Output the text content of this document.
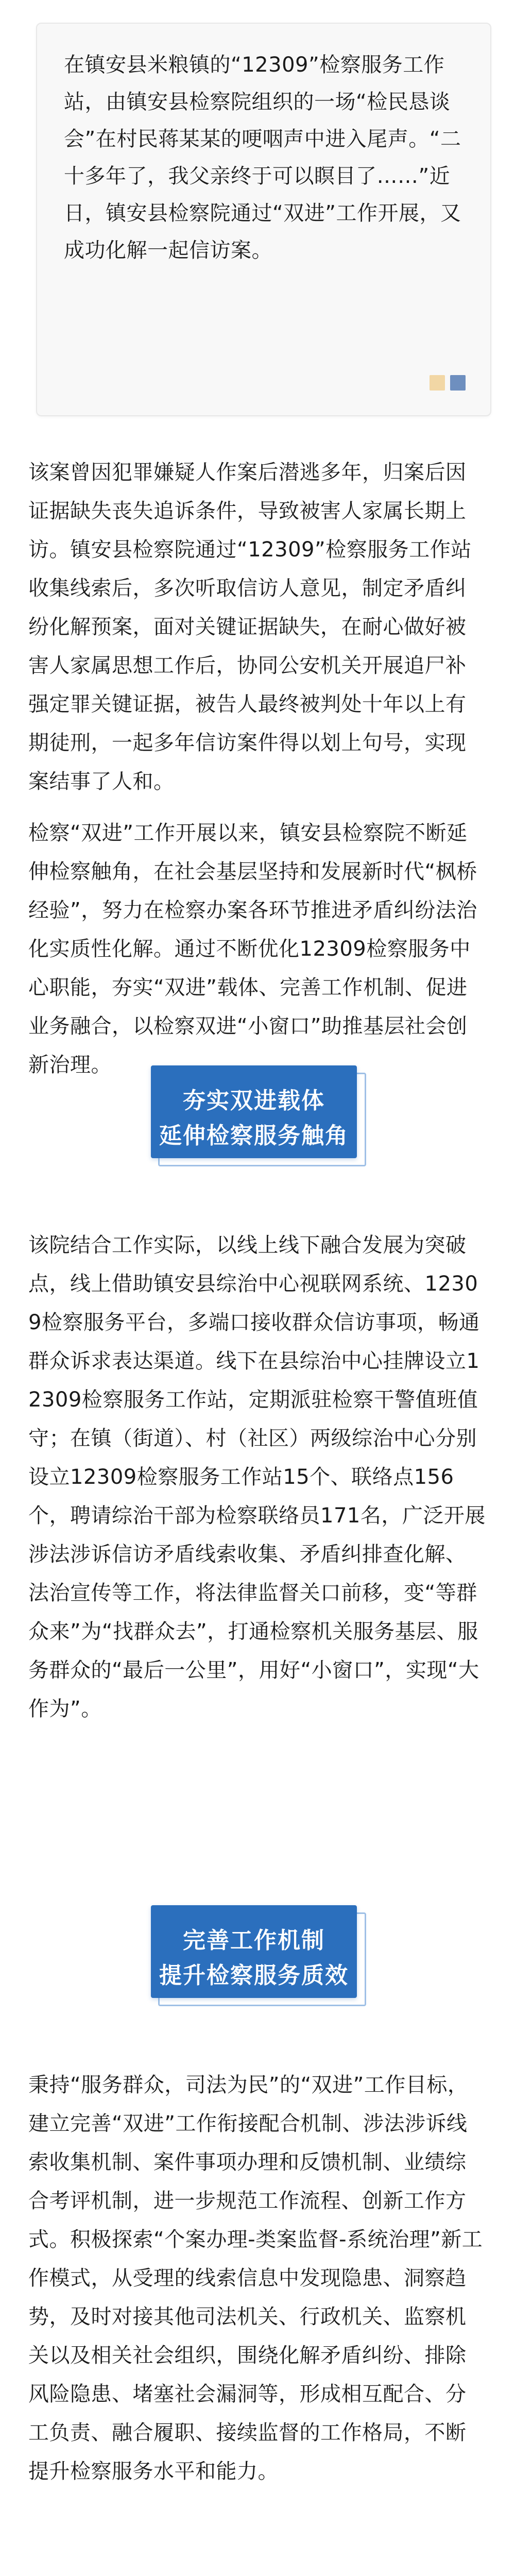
在镇安县米粮镇的“12309”检察服务工作站，由镇安县检察院组织的一场“检民恳谈会”在村民蒋某某的哽咽声中进入尾声。“二十多年了，我父亲终于可以瞑目了……”近日，镇安县检察院通过“双进”工作开展，又成功化解一起信访案。
该案曾因犯罪嫌疑人作案后潜逃多年，归案后因证据缺失丧失追诉条件，导致被害人家属长期上访。镇安县检察院通过“12309”检察服务工作站收集线索后，多次听取信访人意见，制定矛盾纠纷化解预案，面对关键证据缺失，在耐心做好被害人家属思想工作后，协同公安机关开展追尸补强定罪关键证据，被告人最终被判处十年以上有期徒刑，一起多年信访案件得以划上句号，实现案结事了人和。
检察“双进”工作开展以来，镇安县检察院不断延伸检察触角，在社会基层坚持和发展新时代“枫桥经验”，努力在检察办案各环节推进矛盾纠纷法治化实质性化解。通过不断优化12309检察服务中心职能，夯实“双进”载体、完善工作机制、促进业务融合，以检察双进“小窗口”助推基层社会创新治理。
夯实双进载体
延伸检察服务触角
该院结合工作实际，以线上线下融合发展为突破点，线上借助镇安县综治中心视联网系统、12309检察服务平台，多端口接收群众信访事项，畅通群众诉求表达渠道。线下在县综治中心挂牌设立12309检察服务工作站，定期派驻检察干警值班值守；在镇（街道）、村（社区）两级综治中心分别设立12309检察服务工作站15个、联络点156个，聘请综治干部为检察联络员171名，广泛开展涉法涉诉信访矛盾线索收集、矛盾纠排查化解、法治宣传等工作，将法律监督关口前移，变“等群众来”为“找群众去”，打通检察机关服务基层、服务群众的“最后一公里”，用好“小窗口”，实现“大作为”。
完善工作机制
提升检察服务质效
秉持“服务群众，司法为民”的“双进”工作目标，建立完善“双进”工作衔接配合机制、涉法涉诉线索收集机制、案件事项办理和反馈机制、业绩综合考评机制，进一步规范工作流程、创新工作方式。积极探索“个案办理-类案监督-系统治理”新工作模式，从受理的线索信息中发现隐患、洞察趋势，及时对接其他司法机关、行政机关、监察机关以及相关社会组织，围绕化解矛盾纠纷、排除风险隐患、堵塞社会漏洞等，形成相互配合、分工负责、融合履职、接续监督的工作格局，不断提升检察服务水平和能力。
